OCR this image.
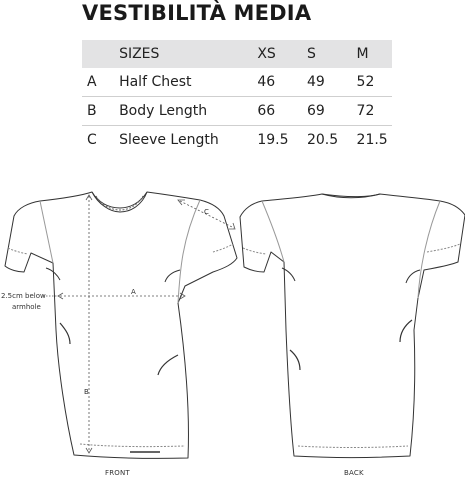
VESTIBILITÀ MEDIA
	SIZES	XS	S	M
A	Half Chest	46	49	52
B	Body Length	66	69	72
C	Sleeve Length	19.5	20.5	21.5
A
B
C
2.5cm below
armhole
FRONT	BACK
